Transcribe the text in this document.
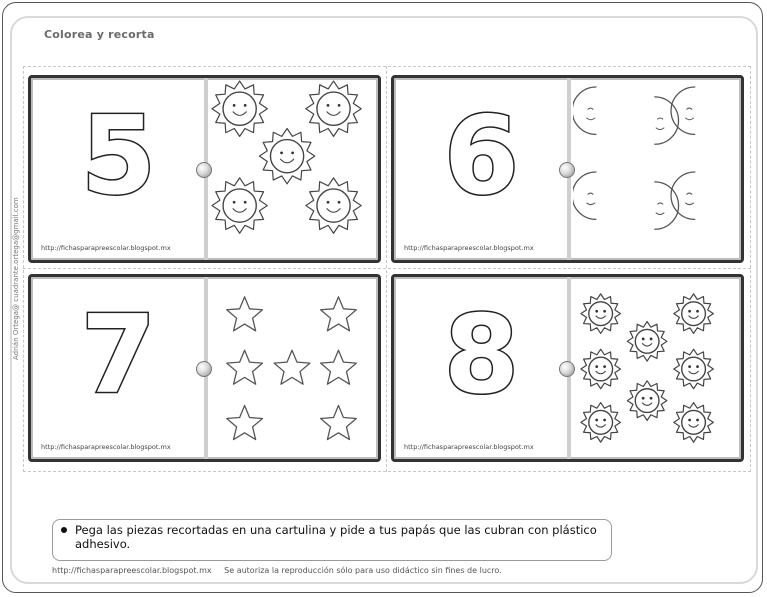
Colorea y recorta
Adrián Ortega@ cuadrante.ortega@gmail.com
5
http://fichasparapreescolar.blogspot.mx
6
http://fichasparapreescolar.blogspot.mx
7
http://fichasparapreescolar.blogspot.mx
8
http://fichasparapreescolar.blogspot.mx
Pega las piezas recortadas en una cartulina y pide a tus papás que las cubran con plástico adhesivo.
http://fichasparapreescolar.blogspot.mx Se autoriza la reproducción sólo para uso didáctico sin fines de lucro.
